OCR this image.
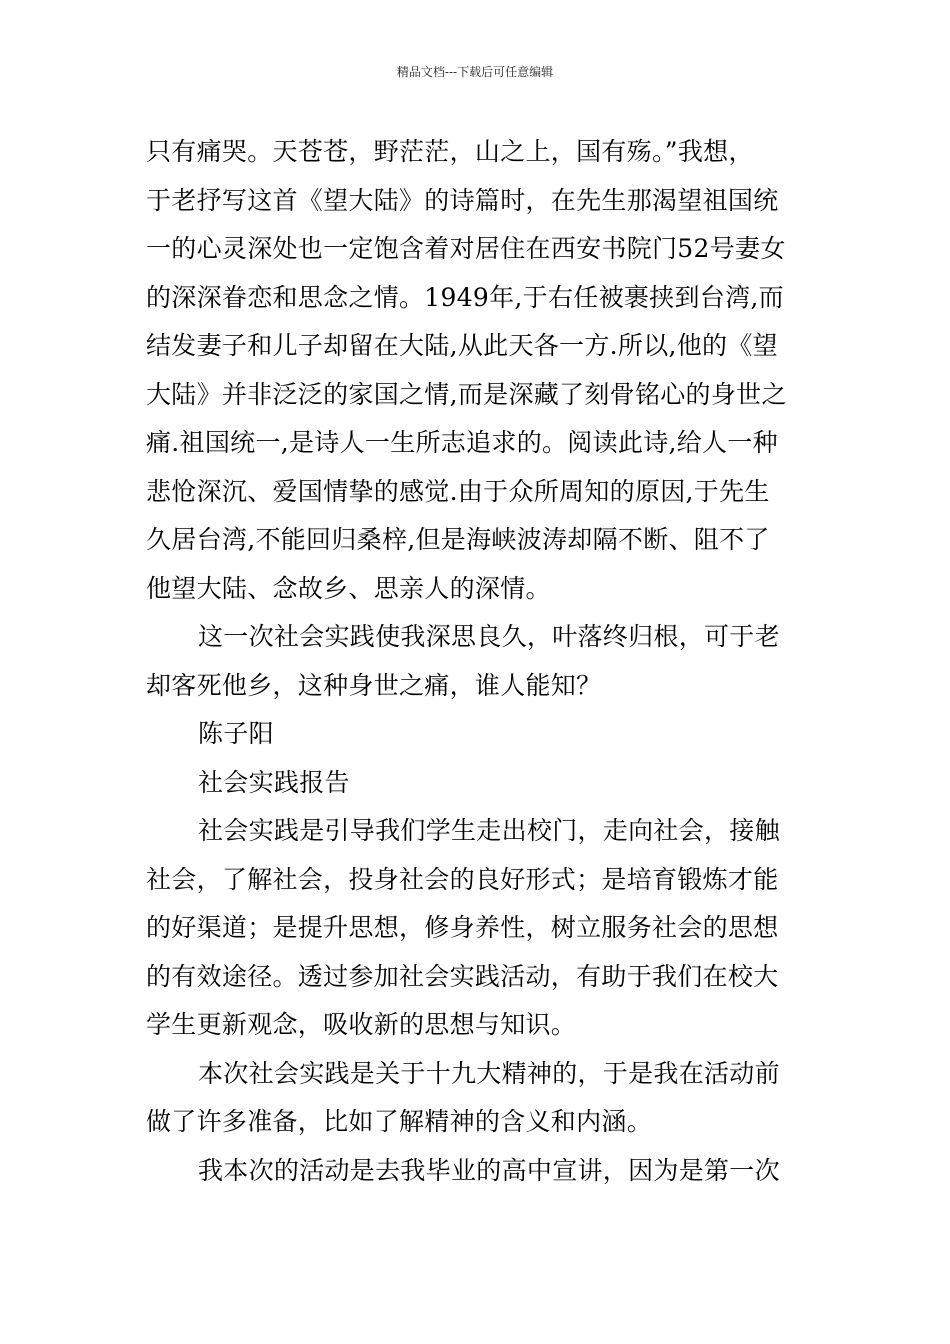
精品文档---下载后可任意编辑
只有痛哭。天苍苍，野茫茫，山之上，国有殇。”我想，
于老抒写这首《望大陆》的诗篇时，在先生那渴望祖国统
一的心灵深处也一定饱含着对居住在西安书院门52号妻女
的深深眷恋和思念之情。1949年,于右任被裹挟到台湾,而
结发妻子和儿子却留在大陆,从此天各一方.所以,他的《望
大陆》并非泛泛的家国之情,而是深藏了刻骨铭心的身世之
痛.祖国统一,是诗人一生所志追求的。阅读此诗,给人一种
悲怆深沉、爱国情挚的感觉.由于众所周知的原因,于先生
久居台湾,不能回归桑梓,但是海峡波涛却隔不断、阻不了
他望大陆、念故乡、思亲人的深情。
这一次社会实践使我深思良久，叶落终归根，可于老
却客死他乡，这种身世之痛，谁人能知？
陈子阳
社会实践报告
社会实践是引导我们学生走出校门，走向社会，接触
社会，了解社会，投身社会的良好形式；是培育锻炼才能
的好渠道；是提升思想，修身养性，树立服务社会的思想
的有效途径。透过参加社会实践活动，有助于我们在校大
学生更新观念，吸收新的思想与知识。
本次社会实践是关于十九大精神的，于是我在活动前
做了许多准备，比如了解精神的含义和内涵。
我本次的活动是去我毕业的高中宣讲，因为是第一次
